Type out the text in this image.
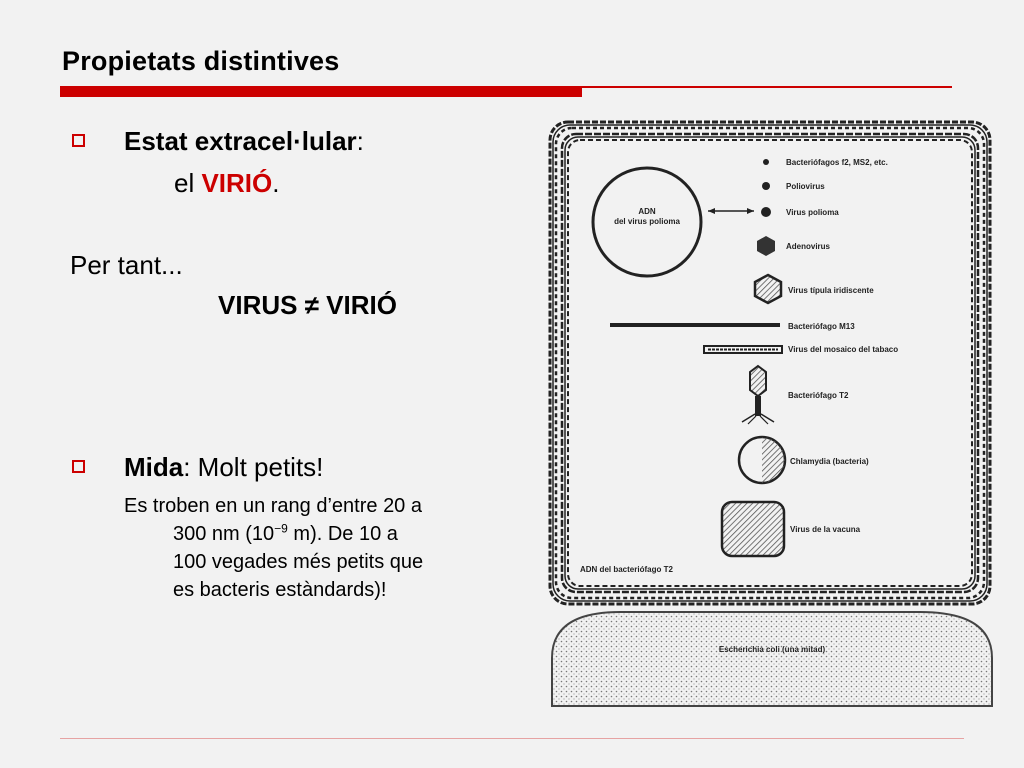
Propietats distintives
Estat extracel·lular:
el VIRIÓ.
Per tant...
VIRUS ≠ VIRIÓ
Mida: Molt petits!
Es troben en un rang d’entre 20 a
300 nm ($10^{-9}$ m). De 10 a
100 vegades més petits que
es bacteris estàndards)!
ADN
del virus polioma
Bacteriófagos f2, MS2, etc.
Poliovirus
Virus polioma
Adenovirus
Virus típula iridiscente
Bacteriófago M13
Virus del mosaico del tabaco
Bacteriófago T2
Chlamydia (bacteria)
Virus de la vacuna
ADN del bacteriófago T2
Escherichia coli (una mitad)
